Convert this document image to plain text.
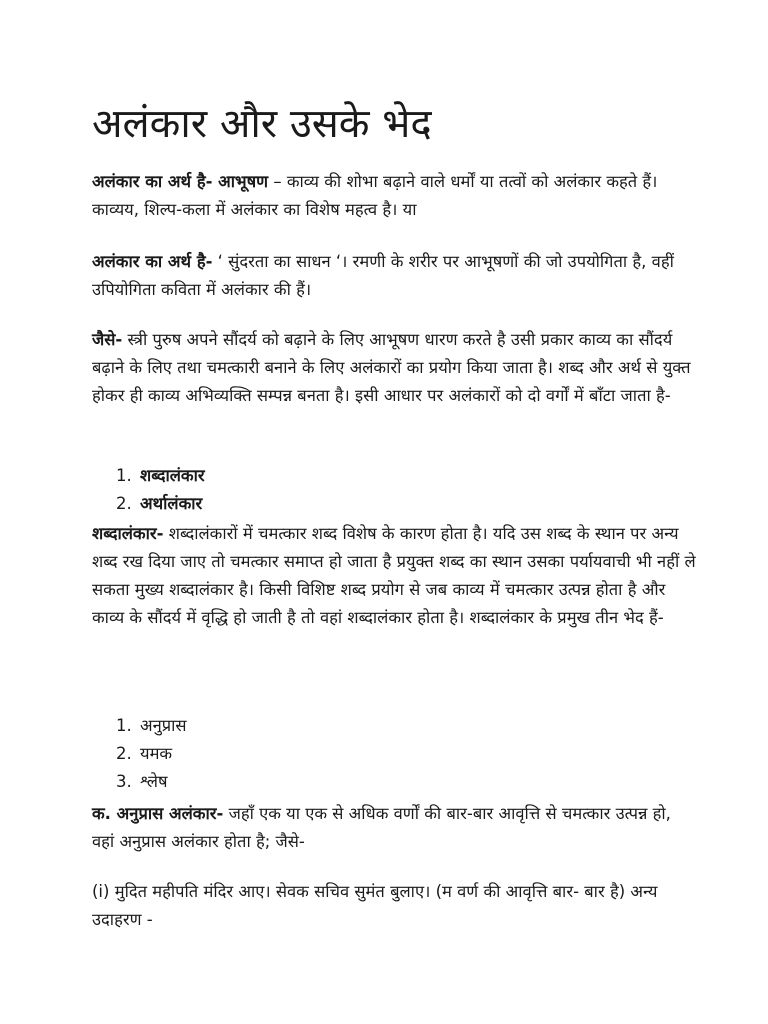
अलंकार और उसके भेद

अलंकार का अर्थ है- आभूषण – काव्य की शोभा बढ़ाने वाले धर्मों या तत्वों को अलंकार कहते हैं। काव्यय, शिल्प-कला में अलंकार का विशेष महत्व है। या

अलंकार का अर्थ है- ‘ सुंदरता का साधन ‘। रमणी के शरीर पर आभूषणों की जो उपयोगिता है, वहीं उपियोगिता कविता में अलंकार की हैं।

जैसे- स्त्री पुरुष अपने सौंदर्य को बढ़ाने के लिए आभूषण धारण करते है उसी प्रकार काव्य का सौंदर्य बढ़ाने के लिए तथा चमत्कारी बनाने के लिए अलंकारों का प्रयोग किया जाता है। शब्द और अर्थ से युक्त होकर ही काव्य अभिव्यक्ति सम्पन्न बनता है। इसी आधार पर अलंकारों को दो वर्गों में बाँटा जाता है-

1. शब्दालंकार
2. अर्थालंकार

शब्दालंकार- शब्दालंकारों में चमत्कार शब्द विशेष के कारण होता है। यदि उस शब्द के स्थान पर अन्य शब्द रख दिया जाए तो चमत्कार समाप्त हो जाता है प्रयुक्त शब्द का स्थान उसका पर्यायवाची भी नहीं ले सकता मुख्य शब्दालंकार है। किसी विशिष्ट शब्द प्रयोग से जब काव्य में चमत्कार उत्पन्न होता है और काव्य के सौंदर्य में वृद्धि हो जाती है तो वहां शब्दालंकार होता है। शब्दालंकार के प्रमुख तीन भेद हैं-

1. अनुप्रास
2. यमक
3. श्लेष

क. अनुप्रास अलंकार- जहाँ एक या एक से अधिक वर्णों की बार-बार आवृत्ति से चमत्कार उत्पन्न हो, वहां अनुप्रास अलंकार होता है; जैसे-

(i) मुदित महीपति मंदिर आए। सेवक सचिव सुमंत बुलाए। (म वर्ण की आवृत्ति बार- बार है) अन्य उदाहरण -
